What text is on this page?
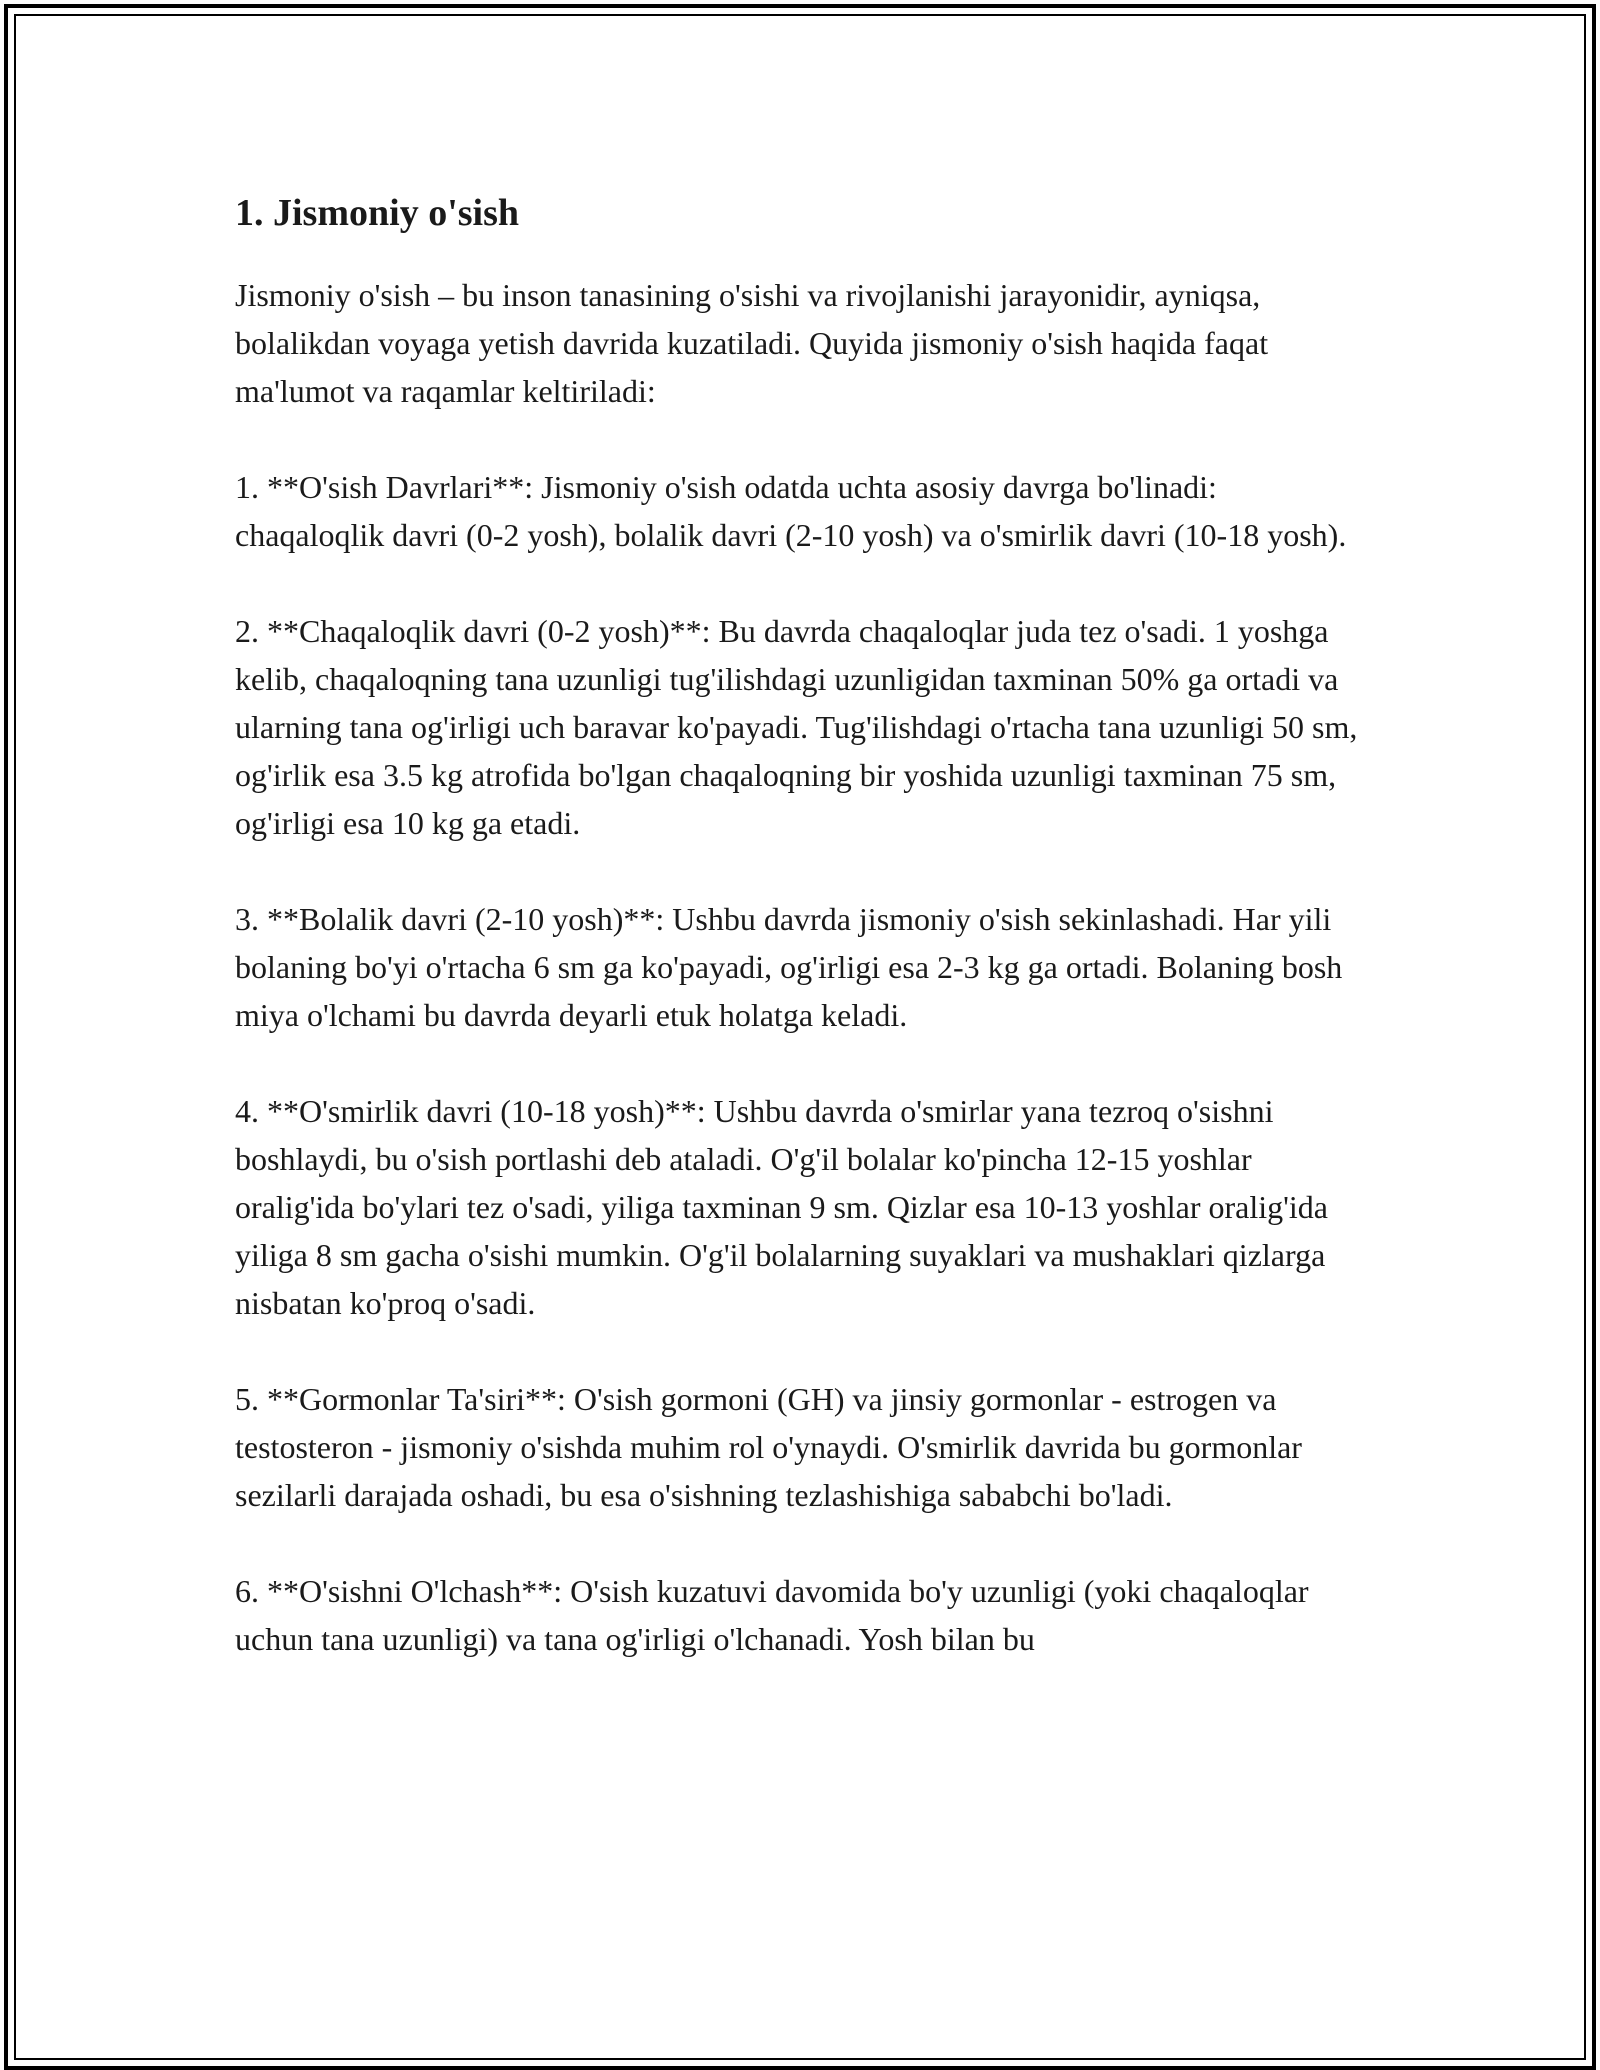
1. Jismoniy o'sish

Jismoniy o'sish – bu inson tanasining o'sishi va rivojlanishi jarayonidir, ayniqsa, bolalikdan voyaga yetish davrida kuzatiladi. Quyida jismoniy o'sish haqida faqat ma'lumot va raqamlar keltiriladi:

1. **O'sish Davrlari**: Jismoniy o'sish odatda uchta asosiy davrga bo'linadi: chaqaloqlik davri (0-2 yosh), bolalik davri (2-10 yosh) va o'smirlik davri (10-18 yosh).

2. **Chaqaloqlik davri (0-2 yosh)**: Bu davrda chaqaloqlar juda tez o'sadi. 1 yoshga kelib, chaqaloqning tana uzunligi tug'ilishdagi uzunligidan taxminan 50% ga ortadi va ularning tana og'irligi uch baravar ko'payadi. Tug'ilishdagi o'rtacha tana uzunligi 50 sm, og'irlik esa 3.5 kg atrofida bo'lgan chaqaloqning bir yoshida uzunligi taxminan 75 sm, og'irligi esa 10 kg ga etadi.

3. **Bolalik davri (2-10 yosh)**: Ushbu davrda jismoniy o'sish sekinlashadi. Har yili bolaning bo'yi o'rtacha 6 sm ga ko'payadi, og'irligi esa 2-3 kg ga ortadi. Bolaning bosh miya o'lchami bu davrda deyarli etuk holatga keladi.

4. **O'smirlik davri (10-18 yosh)**: Ushbu davrda o'smirlar yana tezroq o'sishni boshlaydi, bu o'sish portlashi deb ataladi. O'g'il bolalar ko'pincha 12-15 yoshlar oralig'ida bo'ylari tez o'sadi, yiliga taxminan 9 sm. Qizlar esa 10-13 yoshlar oralig'ida yiliga 8 sm gacha o'sishi mumkin. O'g'il bolalarning suyaklari va mushaklari qizlarga nisbatan ko'proq o'sadi.

5. **Gormonlar Ta'siri**: O'sish gormoni (GH) va jinsiy gormonlar - estrogen va testosteron - jismoniy o'sishda muhim rol o'ynaydi. O'smirlik davrida bu gormonlar sezilarli darajada oshadi, bu esa o'sishning tezlashishiga sababchi bo'ladi.

6. **O'sishni O'lchash**: O'sish kuzatuvi davomida bo'y uzunligi (yoki chaqaloqlar uchun tana uzunligi) va tana og'irligi o'lchanadi. Yosh bilan bu
